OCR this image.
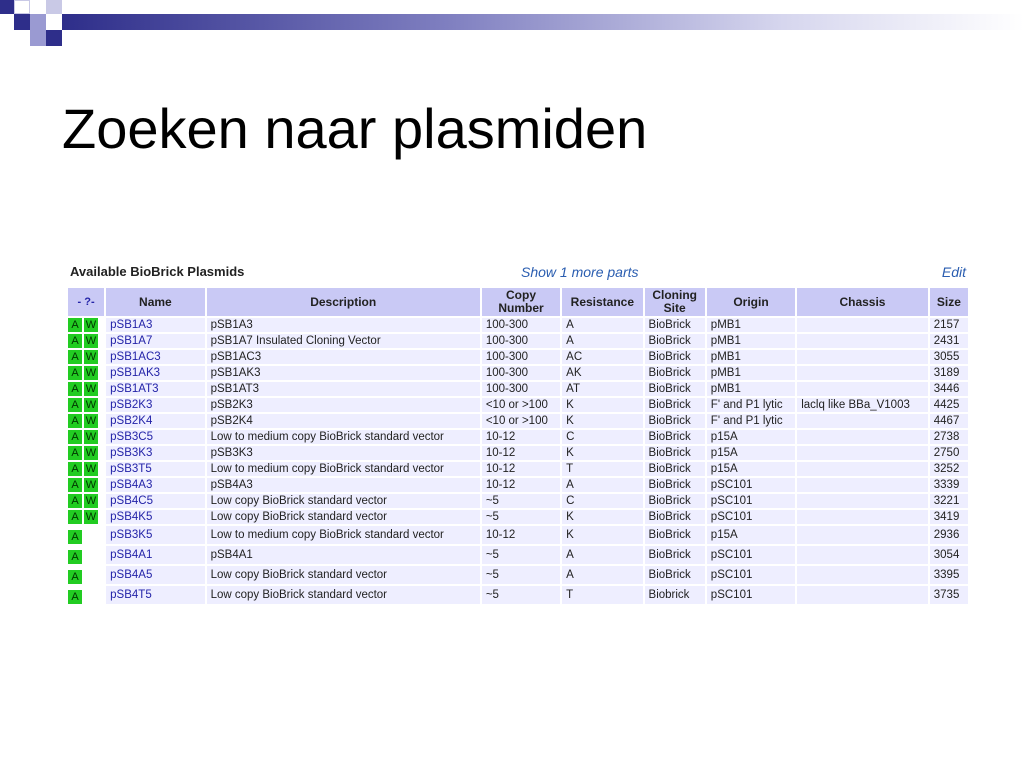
Zoeken naar plasmiden
Available BioBrick Plasmids	Show 1 more parts	Edit
- ?-	Name	Description	Copy Number	Resistance	Cloning Site	Origin	Chassis	Size
A W	pSB1A3	pSB1A3	100-300	A	BioBrick	pMB1		2157
A W	pSB1A7	pSB1A7 Insulated Cloning Vector	100-300	A	BioBrick	pMB1		2431
A W	pSB1AC3	pSB1AC3	100-300	AC	BioBrick	pMB1		3055
A W	pSB1AK3	pSB1AK3	100-300	AK	BioBrick	pMB1		3189
A W	pSB1AT3	pSB1AT3	100-300	AT	BioBrick	pMB1		3446
A W	pSB2K3	pSB2K3	<10 or >100	K	BioBrick	F' and P1 lytic	laclq like BBa_V1003	4425
A W	pSB2K4	pSB2K4	<10 or >100	K	BioBrick	F' and P1 lytic		4467
A W	pSB3C5	Low to medium copy BioBrick standard vector	10-12	C	BioBrick	p15A		2738
A W	pSB3K3	pSB3K3	10-12	K	BioBrick	p15A		2750
A W	pSB3T5	Low to medium copy BioBrick standard vector	10-12	T	BioBrick	p15A		3252
A W	pSB4A3	pSB4A3	10-12	A	BioBrick	pSC101		3339
A W	pSB4C5	Low copy BioBrick standard vector	~5	C	BioBrick	pSC101		3221
A W	pSB4K5	Low copy BioBrick standard vector	~5	K	BioBrick	pSC101		3419
A	pSB3K5	Low to medium copy BioBrick standard vector	10-12	K	BioBrick	p15A		2936
A	pSB4A1	pSB4A1	~5	A	BioBrick	pSC101		3054
A	pSB4A5	Low copy BioBrick standard vector	~5	A	BioBrick	pSC101		3395
A	pSB4T5	Low copy BioBrick standard vector	~5	T	Biobrick	pSC101		3735
